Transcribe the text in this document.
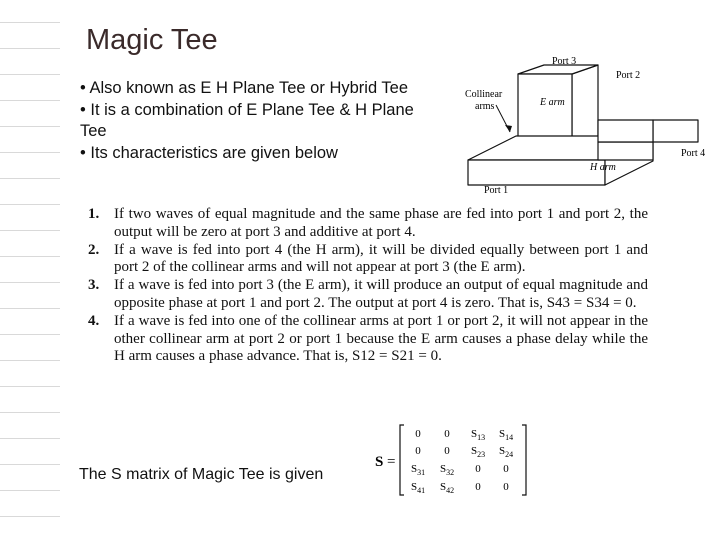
Magic Tee
• Also known as E H Plane Tee or Hybrid Tee
• It is a combination of E Plane Tee & H Plane
Tee
• Its characteristics are given below
Port 3
Port 2
Port 4
Port 1
Collinear
arms	E arm
H arm
1. If two waves of equal magnitude and the same phase are fed into port 1 and port 2, the output will be zero at port 3 and additive at port 4.
2. If a wave is fed into port 4 (the H arm), it will be divided equally between port 1 and port 2 of the collinear arms and will not appear at port 3 (the E arm).
3. If a wave is fed into port 3 (the E arm), it will produce an output of equal magnitude and opposite phase at port 1 and port 2. The output at port 4 is zero. That is, S43 = S34 = 0.
4. If a wave is fed into one of the collinear arms at port 1 or port 2, it will not appear in the other collinear arm at port 2 or port 1 because the E arm causes a phase delay while the H arm causes a phase advance. That is, S12 = S21 = 0.
The S matrix of Magic Tee is given
S =
0 0 $S_{13}$ $S_{14}$
0 0 $S_{23}$ $S_{24}$
$S_{31}$ $S_{32}$ 0 0
$S_{41}$ $S_{42}$ 0 0
